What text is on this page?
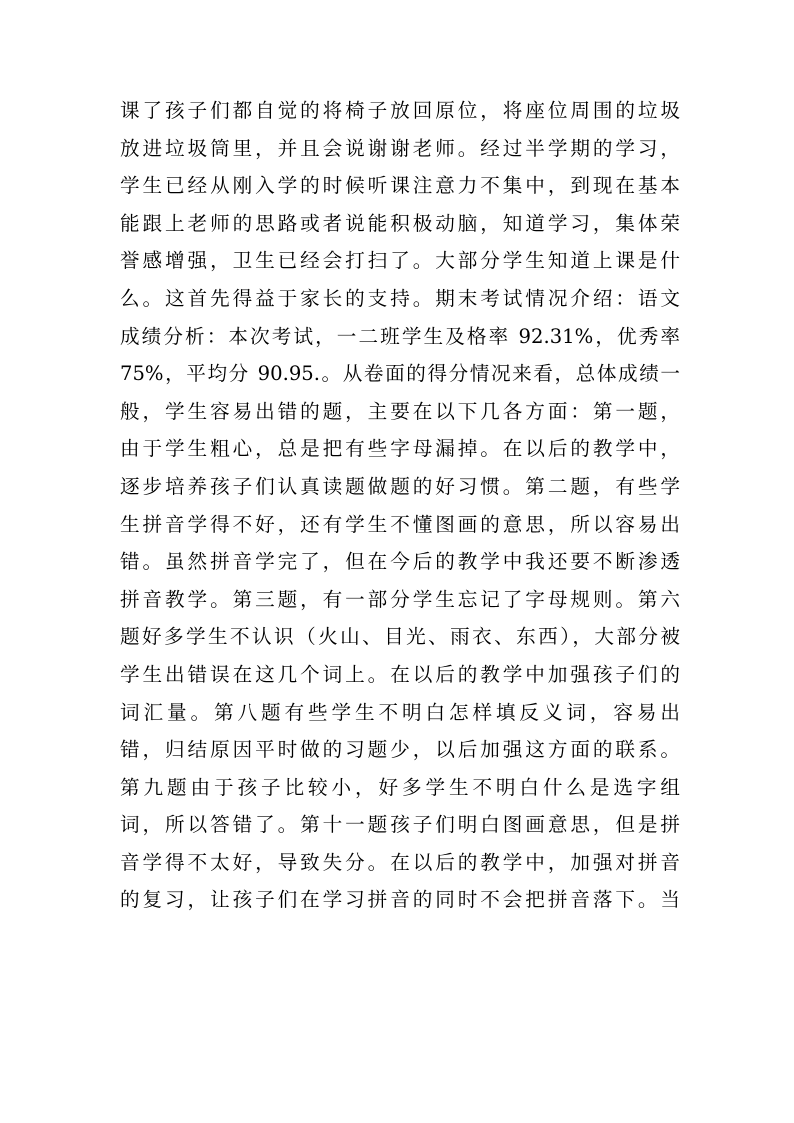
课了孩子们都自觉的将椅子放回原位，将座位周围的垃圾
放进垃圾筒里，并且会说谢谢老师。经过半学期的学习，
学生已经从刚入学的时候听课注意力不集中，到现在基本
能跟上老师的思路或者说能积极动脑，知道学习，集体荣
誉感增强，卫生已经会打扫了。大部分学生知道上课是什
么。这首先得益于家长的支持。期末考试情况介绍：语文
成绩分析：本次考试，一二班学生及格率 92.31%，优秀率
75%，平均分 90.95.。从卷面的得分情况来看，总体成绩一
般，学生容易出错的题，主要在以下几各方面：第一题，
由于学生粗心，总是把有些字母漏掉。在以后的教学中，
逐步培养孩子们认真读题做题的好习惯。第二题，有些学
生拼音学得不好，还有学生不懂图画的意思，所以容易出
错。虽然拼音学完了，但在今后的教学中我还要不断渗透
拼音教学。第三题，有一部分学生忘记了字母规则。第六
题好多学生不认识（火山、目光、雨衣、东西），大部分被
学生出错误在这几个词上。在以后的教学中加强孩子们的
词汇量。第八题有些学生不明白怎样填反义词，容易出
错，归结原因平时做的习题少，以后加强这方面的联系。
第九题由于孩子比较小，好多学生不明白什么是选字组
词，所以答错了。第十一题孩子们明白图画意思，但是拼
音学得不太好，导致失分。在以后的教学中，加强对拼音
的复习，让孩子们在学习拼音的同时不会把拼音落下。当
